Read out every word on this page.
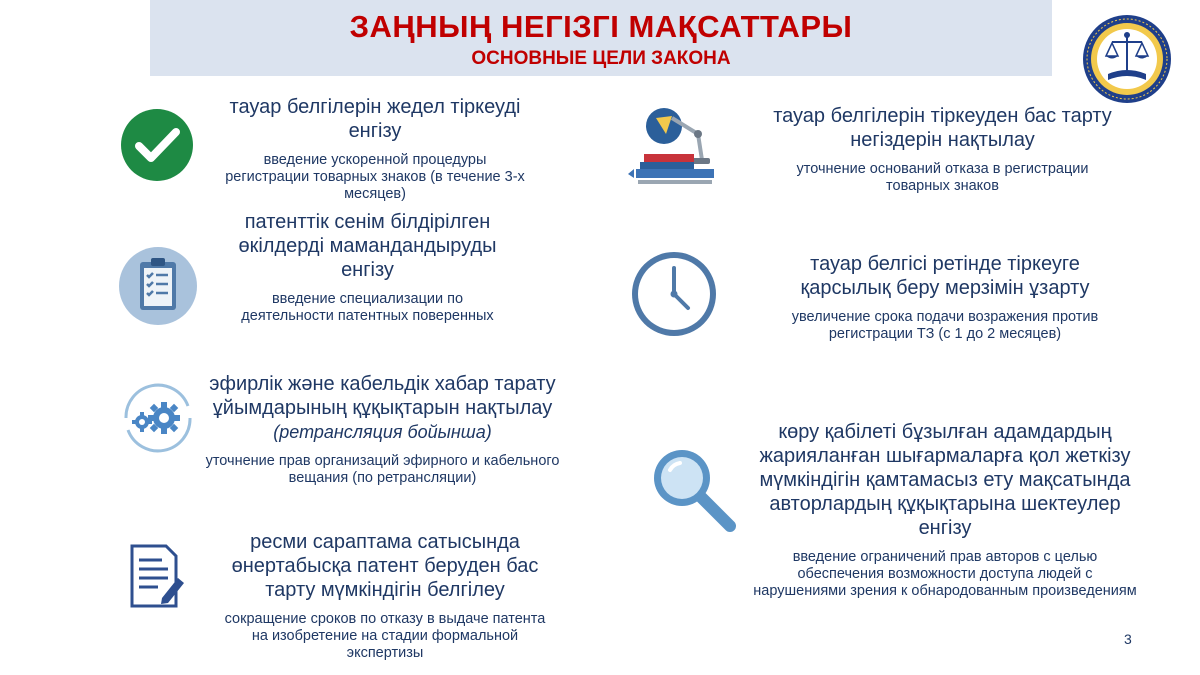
ЗАҢНЫҢ НЕГІЗГІ МАҚСАТТАРЫ
ОСНОВНЫЕ ЦЕЛИ ЗАКОНА
тауар белгілерін жедел тіркеуді енгізу
введение ускоренной процедуры регистрации товарных знаков (в течение 3-х месяцев)
патенттік сенім білдірілген өкілдерді мамандандыруды енгізу
введение специализации по деятельности патентных поверенных
эфирлік және кабельдік хабар тарату ұйымдарының құқықтарын нақтылау (ретрансляция бойынша)
уточнение прав организаций эфирного и кабельного вещания (по ретрансляции)
ресми сараптама сатысында өнертабысқа патент беруден бас тарту мүмкіндігін белгілеу
сокращение сроков по отказу в выдаче патента на изобретение на стадии формальной экспертизы
тауар белгілерін тіркеуден бас тарту негіздерін нақтылау
уточнение оснований отказа в регистрации товарных знаков
тауар белгісі ретінде тіркеуге қарсылық беру мерзімін ұзарту
увеличение срока подачи возражения против регистрации ТЗ (с 1 до 2 месяцев)
көру қабілеті бұзылған адамдардың жарияланған шығармаларға қол жеткізу мүмкіндігін қамтамасыз ету мақсатында авторлардың құқықтарына шектеулер енгізу
введение ограничений прав авторов с целью обеспечения возможности доступа людей с нарушениями зрения к обнародованным произведениям
3
